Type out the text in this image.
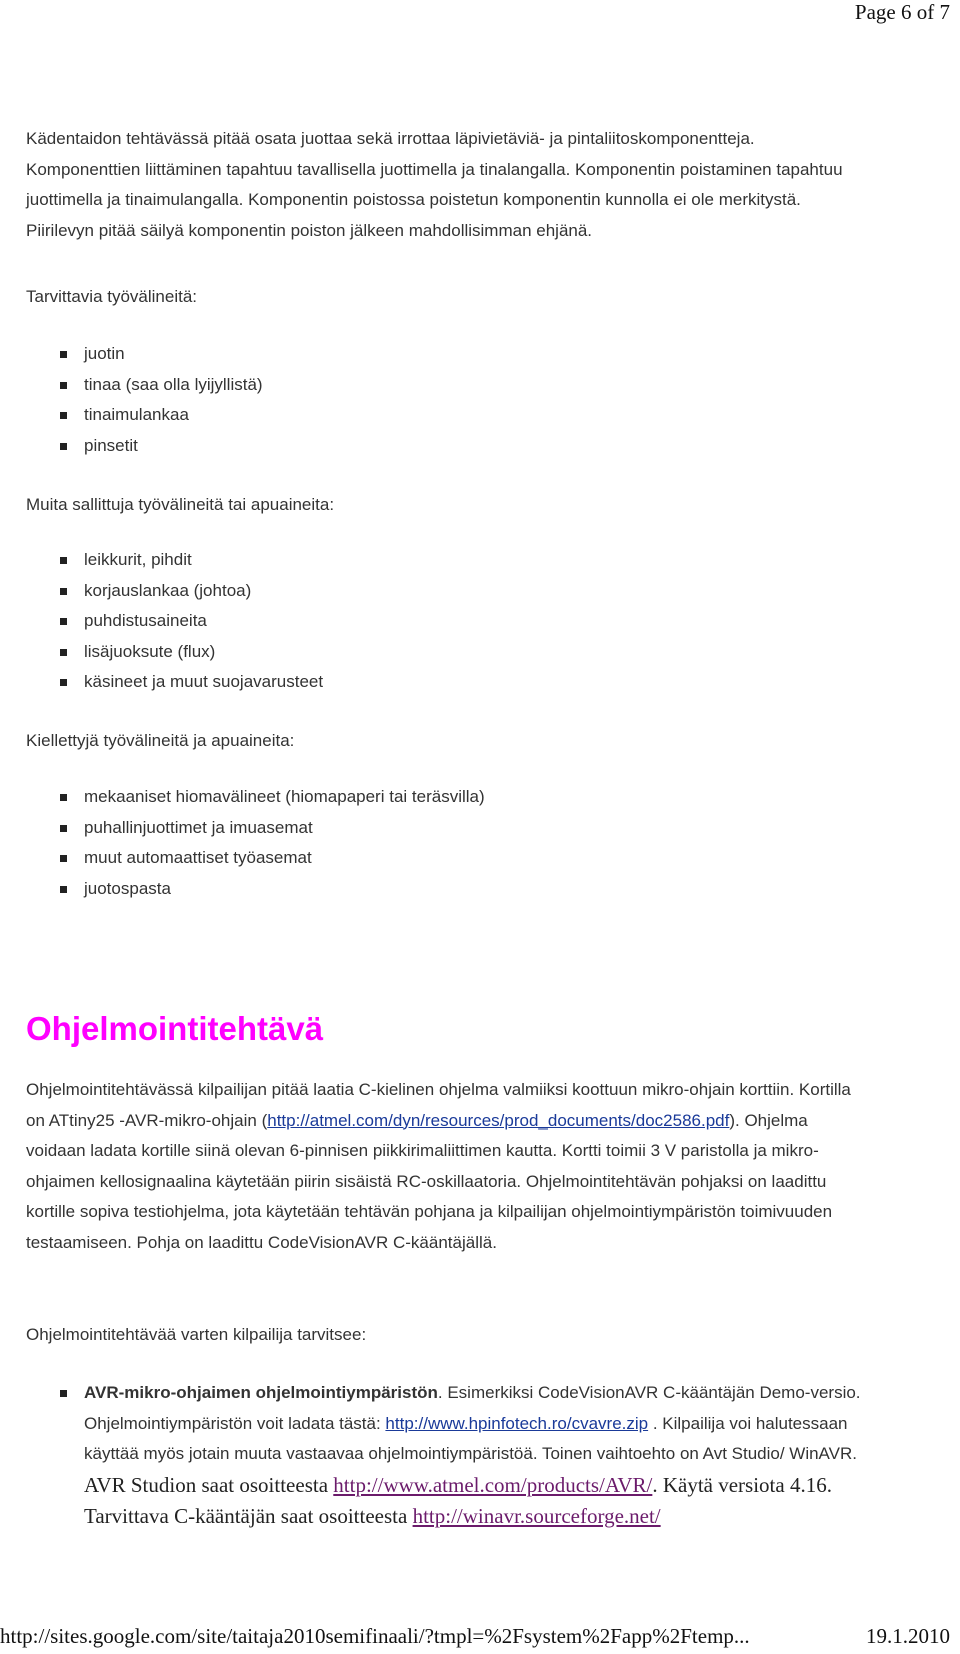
Page 6 of 7

Kädentaidon tehtävässä pitää osata juottaa sekä irrottaa läpivietäviä- ja pintaliitoskomponentteja.

Komponenttien liittäminen tapahtuu tavallisella juottimella ja tinalangalla. Komponentin poistaminen tapahtuu

juottimella ja tinaimulangalla. Komponentin poistossa poistetun komponentin kunnolla ei ole merkitystä.

Piirilevyn pitää säilyä komponentin poiston jälkeen mahdollisimman ehjänä.

Tarvittavia työvälineitä:
juotin
tinaa (saa olla lyijyllistä)
tinaimulankaa
pinsetit
Muita sallittuja työvälineitä tai apuaineita:
leikkurit, pihdit
korjauslankaa (johtoa)
puhdistusaineita
lisäjuoksute (flux)
käsineet ja muut suojavarusteet
Kiellettyjä työvälineitä ja apuaineita:
mekaaniset hiomavälineet (hiomapaperi tai teräsvilla)
puhallinjuottimet ja imuasemat
muut automaattiset työasemat
juotospasta
Ohjelmointitehtävä

Ohjelmointitehtävässä kilpailijan pitää laatia C-kielinen ohjelma valmiiksi koottuun mikro-ohjain korttiin. Kortilla

on ATtiny25 -AVR-mikro-ohjain (http://atmel.com/dyn/resources/prod_documents/doc2586.pdf). Ohjelma

voidaan ladata kortille siinä olevan 6-pinnisen piikkirimaliittimen kautta. Kortti toimii 3 V paristolla ja mikro-

ohjaimen kellosignaalina käytetään piirin sisäistä RC-oskillaatoria. Ohjelmointitehtävän pohjaksi on laadittu

kortille sopiva testiohjelma, jota käytetään tehtävän pohjana ja kilpailijan ohjelmointiympäristön toimivuuden

testaamiseen. Pohja on laadittu CodeVisionAVR C-kääntäjällä.

Ohjelmointitehtävää varten kilpailija tarvitsee:
AVR-mikro-ohjaimen ohjelmointiympäristön. Esimerkiksi CodeVisionAVR C-kääntäjän Demo-versio.
Ohjelmointiympäristön voit ladata tästä: http://www.hpinfotech.ro/cvavre.zip . Kilpailija voi halutessaan
käyttää myös jotain muuta vastaavaa ohjelmointiympäristöä. Toinen vaihtoehto on Avt Studio/ WinAVR.
AVR Studion saat osoitteesta http://www.atmel.com/products/AVR/. Käytä versiota 4.16.
Tarvittava C-kääntäjän saat osoitteesta http://winavr.sourceforge.net/
http://sites.google.com/site/taitaja2010semifinaali/?tmpl=%2Fsystem%2Fapp%2Ftemp...	19.1.2010
